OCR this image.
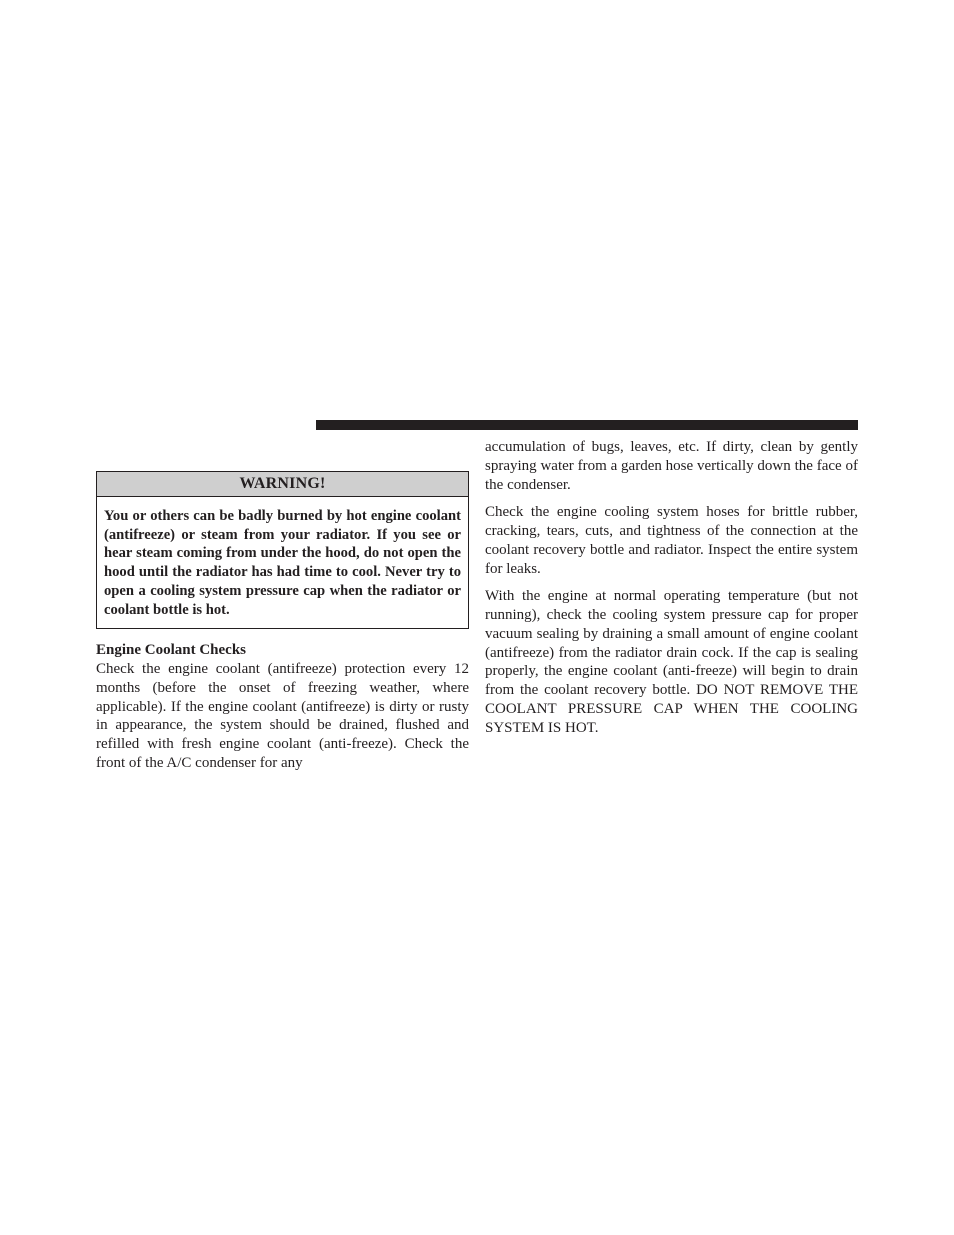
WARNING!
You or others can be badly burned by hot engine coolant (antifreeze) or steam from your radiator. If you see or hear steam coming from under the hood, do not open the hood until the radiator has had time to cool. Never try to open a cooling system pressure cap when the radiator or coolant bottle is hot.
Engine Coolant Checks

Check the engine coolant (antifreeze) protection every 12 months (before the onset of freezing weather, where applicable). If the engine coolant (antifreeze) is dirty or rusty in appearance, the system should be drained, flushed and refilled with fresh engine coolant (anti-freeze). Check the front of the A/C condenser for any

accumulation of bugs, leaves, etc. If dirty, clean by gently spraying water from a garden hose vertically down the face of the condenser.

Check the engine cooling system hoses for brittle rubber, cracking, tears, cuts, and tightness of the connection at the coolant recovery bottle and radiator. Inspect the entire system for leaks.

With the engine at normal operating temperature (but not running), check the cooling system pressure cap for proper vacuum sealing by draining a small amount of engine coolant (antifreeze) from the radiator drain cock. If the cap is sealing properly, the engine coolant (anti-freeze) will begin to drain from the coolant recovery bottle. DO NOT REMOVE THE COOLANT PRESSURE CAP WHEN THE COOLING SYSTEM IS HOT.
